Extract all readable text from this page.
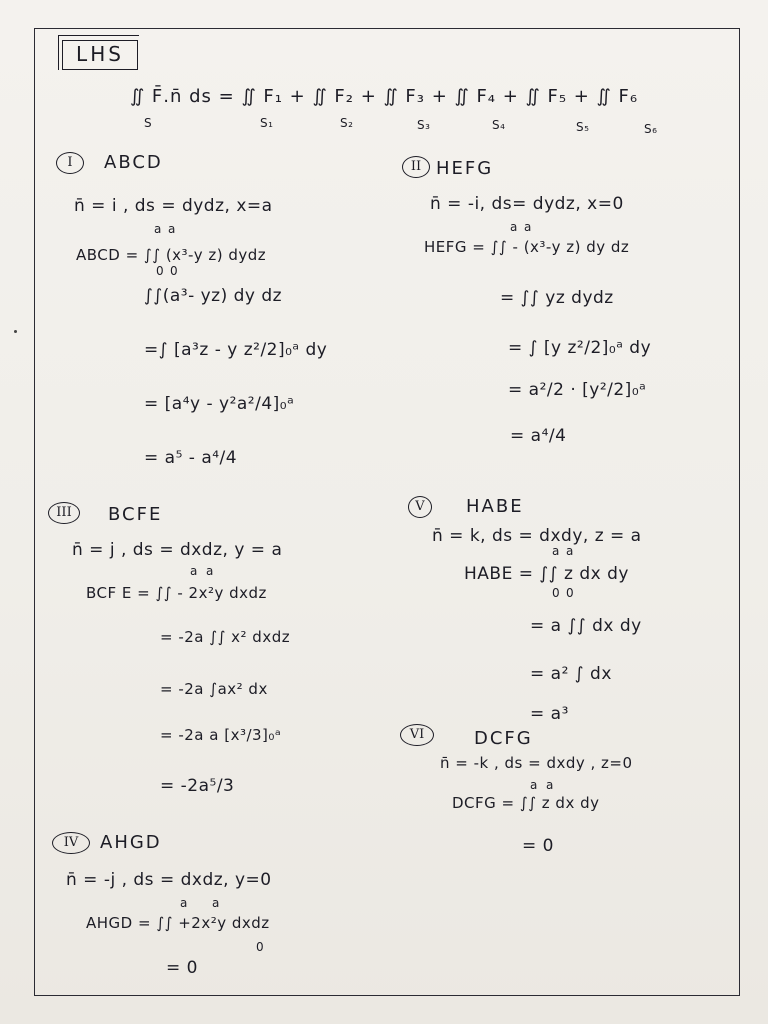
LHS
∬ F̄.n̄ ds = ∬ F₁ + ∬ F₂ + ∬ F₃ + ∬ F₄ + ∬ F₅ + ∬ F₆
S	S₁	S₂	S₃	S₄	S₅	S₆
I	ABCD
n̄ = i , ds = dydz, x=a
ABCD = ∫∫ (x³-y z) dydz
∫∫(a³- yz) dy dz
=∫ [a³z - y z²/2]₀ᵃ dy
= [a⁴y - y²a²/4]₀ᵃ
= a⁵ - a⁴/4
II HEFG
n̄ = -i, ds= dydz, x=0
HEFG = ∫∫ - (x³-y z) dy dz
= ∫∫ yz dydz
= ∫ [y z²/2]₀ᵃ dy
= a²/2 · [y²/2]₀ᵃ
= a⁴/4
III	BCFE
n̄ = j , ds = dxdz, y = a
BCF E = ∫∫ - 2x²y dxdz
= -2a ∫∫ x² dxdz
= -2a ∫ax² dx
= -2a a [x³/3]₀ᵃ
= -2a⁵/3
IV	AHGD
n̄ = -j , ds = dxdz, y=0
AHGD = ∫∫ +2x²y dxdz
= 0
V	HABE
n̄ = k, ds = dxdy, z = a
HABE = ∫∫ z dx dy
= a ∫∫ dx dy
= a² ∫ dx
= a³
VI	DCFG
n̄ = -k , ds = dxdy , z=0
DCFG = ∫∫ z dx dy
= 0
a a
0 0
a a
a a
0 0
a a
a a
0
a a
